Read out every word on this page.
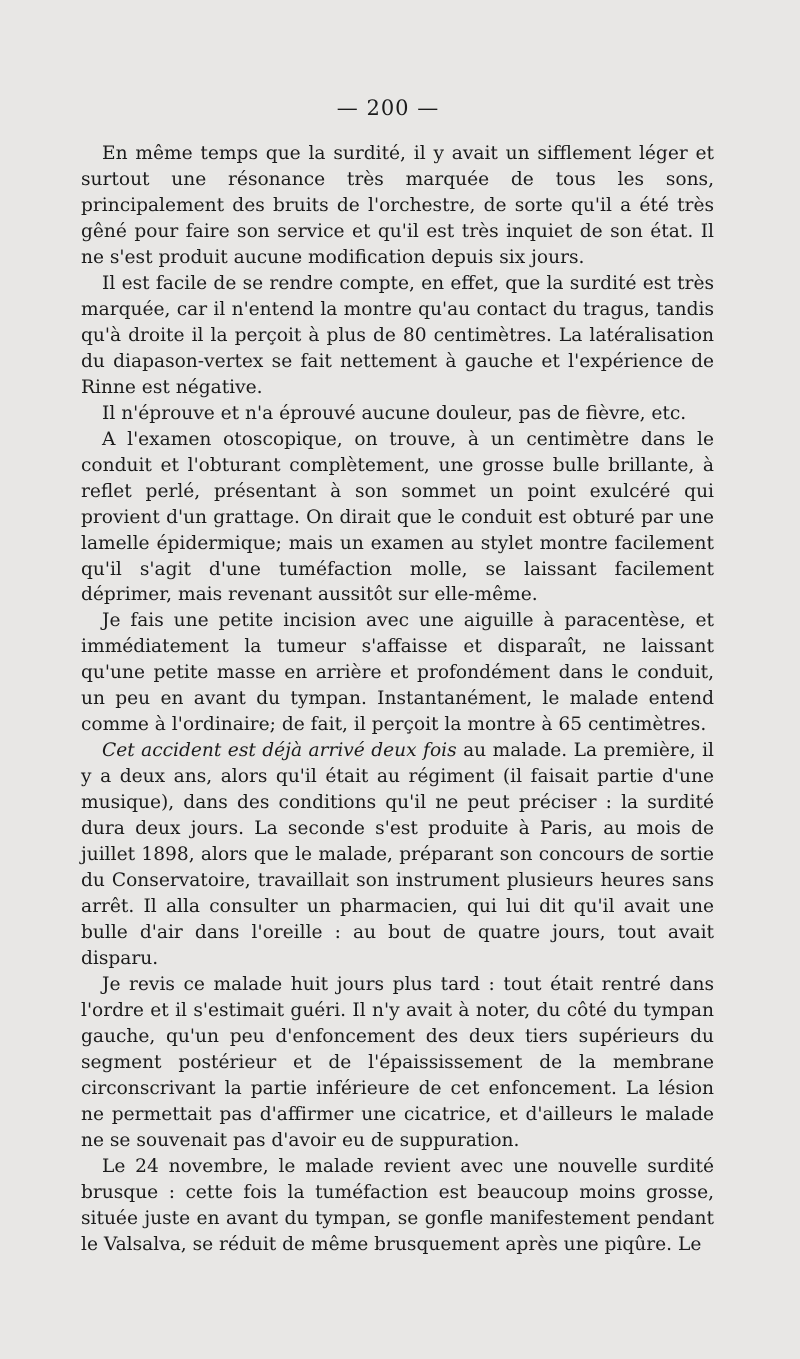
— 200 —

En même temps que la surdité, il y avait un sifflement léger et surtout une résonance très marquée de tous les sons, principalement des bruits de l'orchestre, de sorte qu'il a été très gêné pour faire son service et qu'il est très inquiet de son état. Il ne s'est produit aucune modification depuis six jours.

Il est facile de se rendre compte, en effet, que la surdité est très marquée, car il n'entend la montre qu'au contact du tragus, tandis qu'à droite il la perçoit à plus de 80 centimètres. La latéralisation du diapason-vertex se fait nettement à gauche et l'expérience de Rinne est négative.

Il n'éprouve et n'a éprouvé aucune douleur, pas de fièvre, etc.

A l'examen otoscopique, on trouve, à un centimètre dans le conduit et l'obturant complètement, une grosse bulle brillante, à reflet perlé, présentant à son sommet un point exulcéré qui provient d'un grattage. On dirait que le conduit est obturé par une lamelle épidermique; mais un examen au stylet montre facilement qu'il s'agit d'une tuméfaction molle, se laissant facilement déprimer, mais revenant aussitôt sur elle-même.

Je fais une petite incision avec une aiguille à paracentèse, et immédiatement la tumeur s'affaisse et disparaît, ne laissant qu'une petite masse en arrière et profondément dans le conduit, un peu en avant du tympan. Instantanément, le malade entend comme à l'ordinaire; de fait, il perçoit la montre à 65 centimètres.

Cet accident est déjà arrivé deux fois au malade. La première, il y a deux ans, alors qu'il était au régiment (il faisait partie d'une musique), dans des conditions qu'il ne peut préciser : la surdité dura deux jours. La seconde s'est produite à Paris, au mois de juillet 1898, alors que le malade, préparant son concours de sortie du Conservatoire, travaillait son instrument plusieurs heures sans arrêt. Il alla consulter un pharmacien, qui lui dit qu'il avait une bulle d'air dans l'oreille : au bout de quatre jours, tout avait disparu.

Je revis ce malade huit jours plus tard : tout était rentré dans l'ordre et il s'estimait guéri. Il n'y avait à noter, du côté du tympan gauche, qu'un peu d'enfoncement des deux tiers supérieurs du segment postérieur et de l'épaississement de la membrane circonscrivant la partie inférieure de cet enfoncement. La lésion ne permettait pas d'affirmer une cicatrice, et d'ailleurs le malade ne se souvenait pas d'avoir eu de suppuration.

Le 24 novembre, le malade revient avec une nouvelle surdité brusque : cette fois la tuméfaction est beaucoup moins grosse, située juste en avant du tympan, se gonfle manifestement pendant le Valsalva, se réduit de même brusquement après une piqûre. Le
